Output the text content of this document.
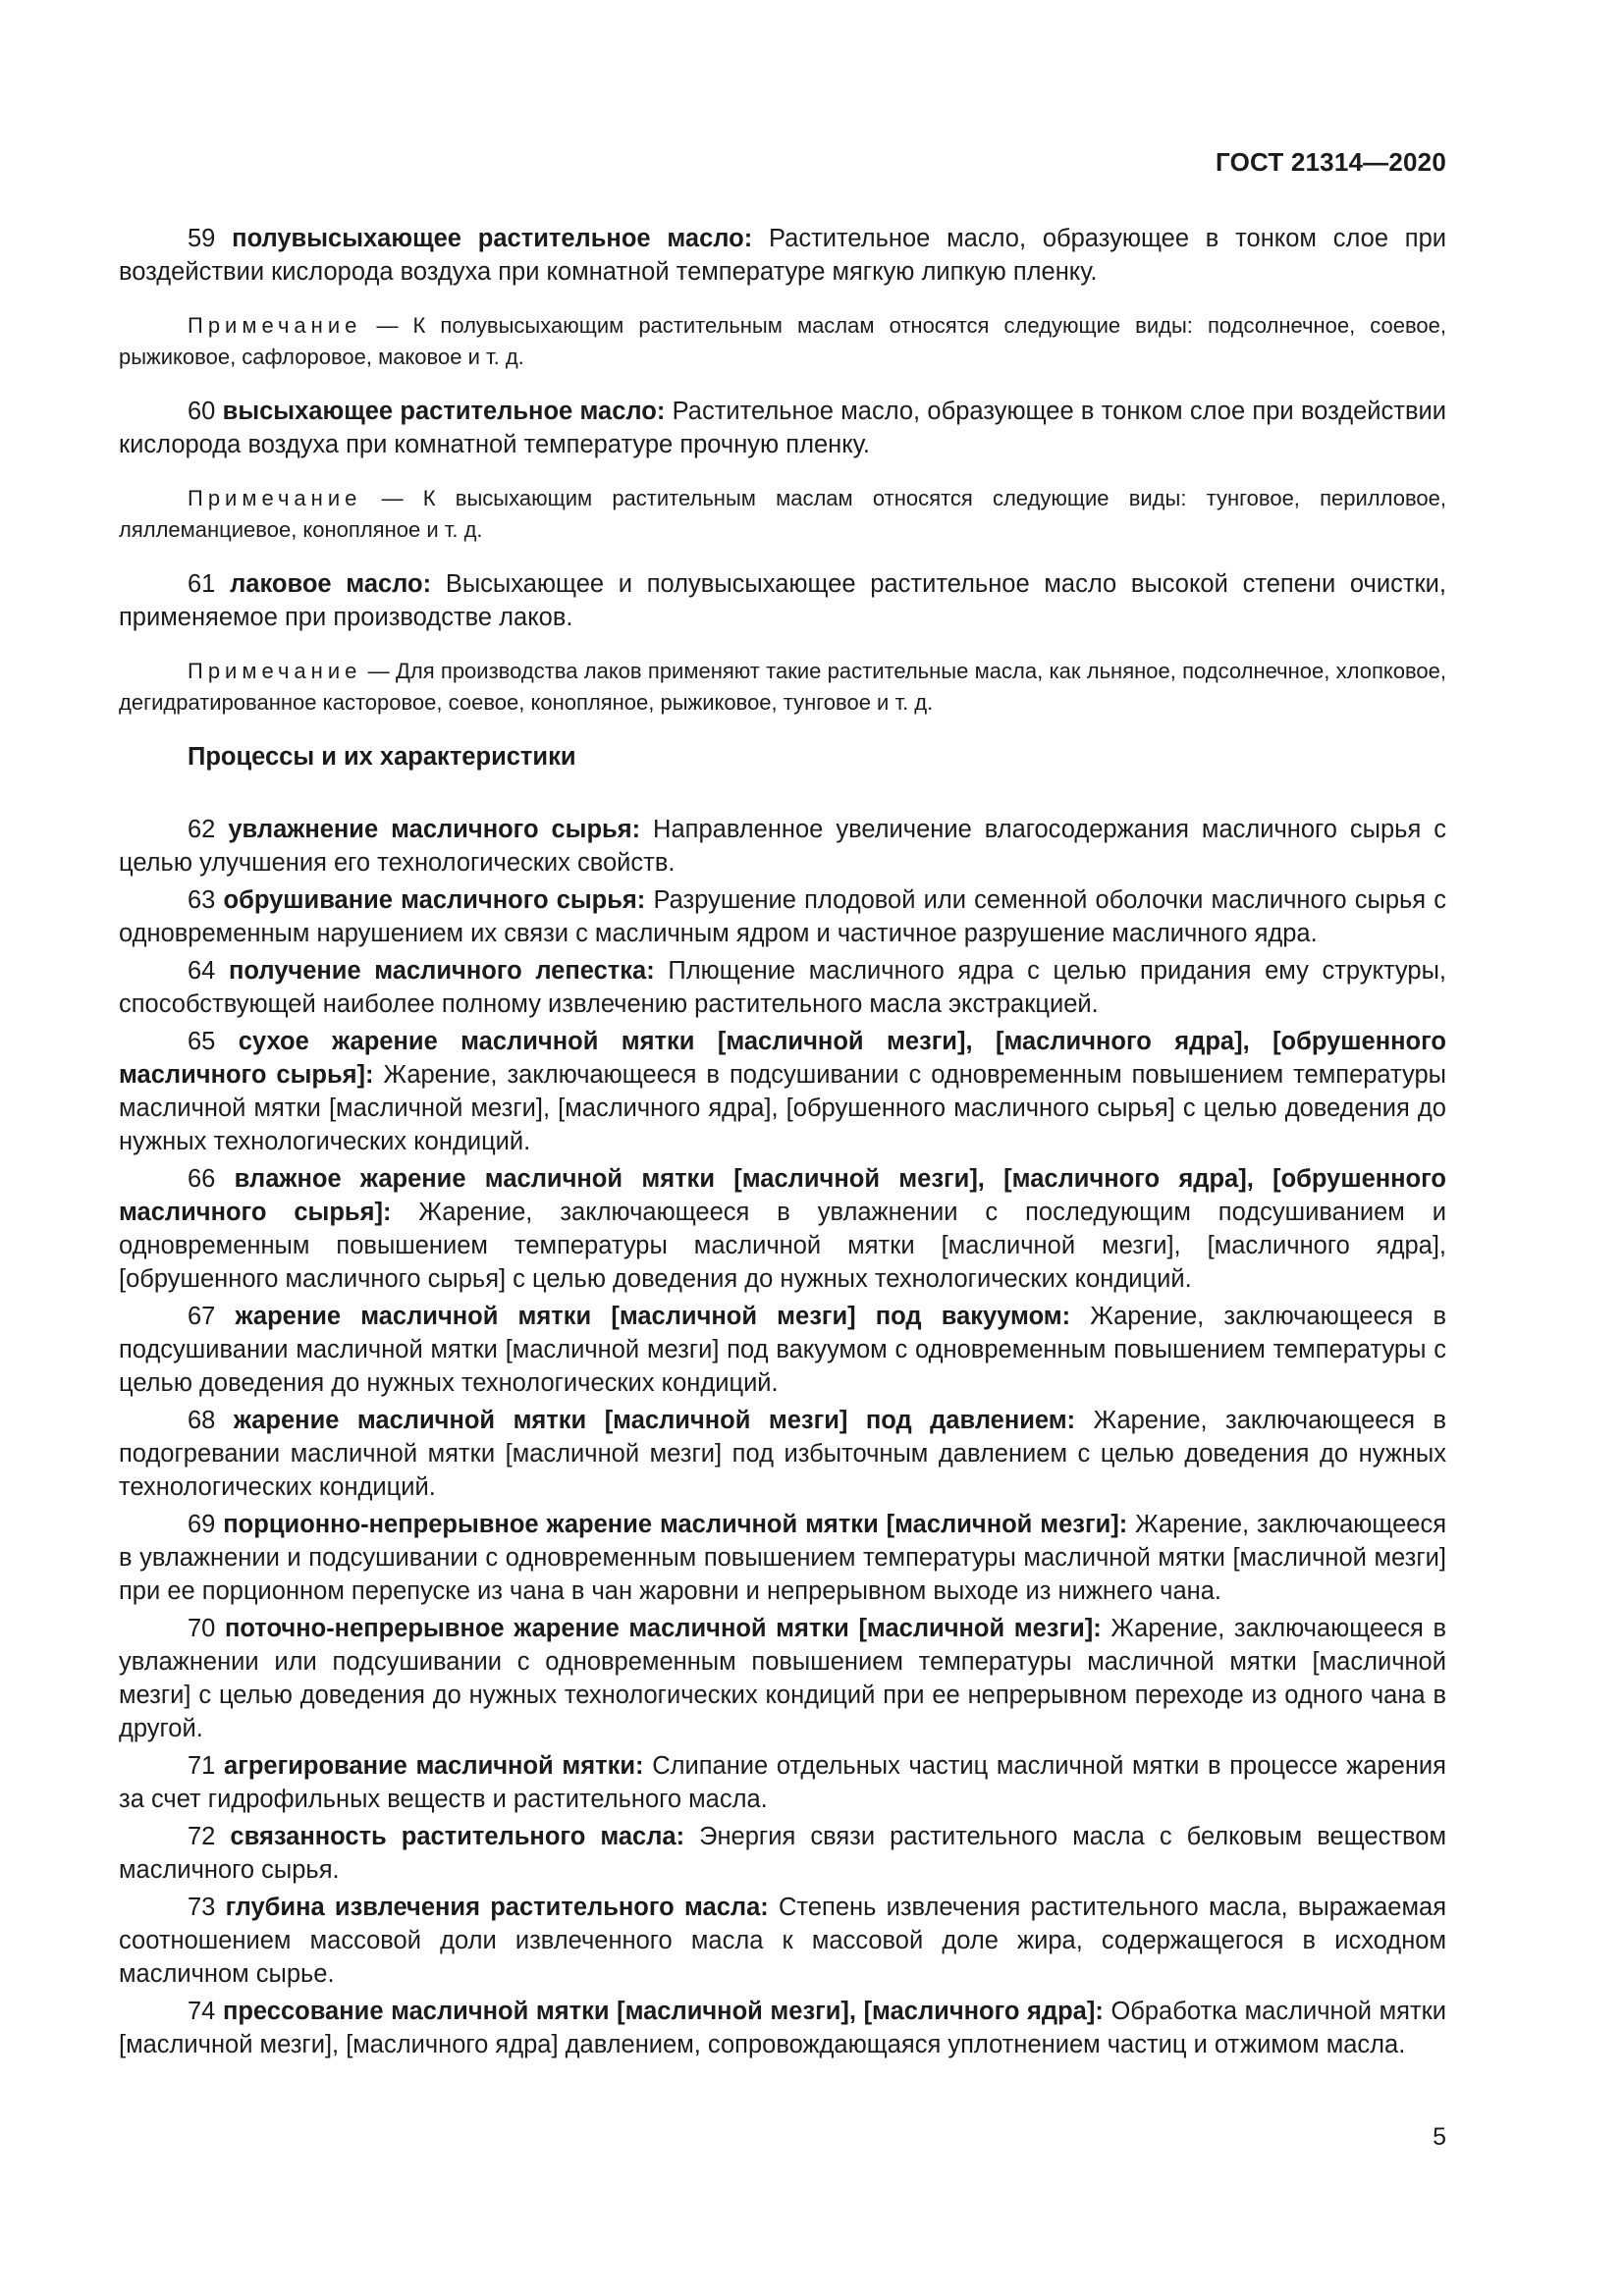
ГОСТ 21314—2020

59 полувысыхающее растительное масло: Растительное масло, образующее в тонком слое при воздействии кислорода воздуха при комнатной температуре мягкую липкую пленку.

Примечание — К полувысыхающим растительным маслам относятся следующие виды: подсолнечное, соевое, рыжиковое, сафлоровое, маковое и т. д.

60 высыхающее растительное масло: Растительное масло, образующее в тонком слое при воздействии кислорода воздуха при комнатной температуре прочную пленку.

Примечание — К высыхающим растительным маслам относятся следующие виды: тунговое, перилловое, ляллеманциевое, конопляное и т. д.

61 лаковое масло: Высыхающее и полувысыхающее растительное масло высокой степени очистки, применяемое при производстве лаков.

Примечание — Для производства лаков применяют такие растительные масла, как льняное, подсолнечное, хлопковое, дегидратированное касторовое, соевое, конопляное, рыжиковое, тунговое и т. д.

Процессы и их характеристики

62 увлажнение масличного сырья: Направленное увеличение влагосодержания масличного сырья с целью улучшения его технологических свойств.

63 обрушивание масличного сырья: Разрушение плодовой или семенной оболочки масличного сырья с одновременным нарушением их связи с масличным ядром и частичное разрушение масличного ядра.

64 получение масличного лепестка: Плющение масличного ядра с целью придания ему структуры, способствующей наиболее полному извлечению растительного масла экстракцией.

65 сухое жарение масличной мятки [масличной мезги], [масличного ядра], [обрушенного масличного сырья]: Жарение, заключающееся в подсушивании с одновременным повышением температуры масличной мятки [масличной мезги], [масличного ядра], [обрушенного масличного сырья] с целью доведения до нужных технологических кондиций.

66 влажное жарение масличной мятки [масличной мезги], [масличного ядра], [обрушенного масличного сырья]: Жарение, заключающееся в увлажнении с последующим подсушиванием и одновременным повышением температуры масличной мятки [масличной мезги], [масличного ядра], [обрушенного масличного сырья] с целью доведения до нужных технологических кондиций.

67 жарение масличной мятки [масличной мезги] под вакуумом: Жарение, заключающееся в подсушивании масличной мятки [масличной мезги] под вакуумом с одновременным повышением температуры с целью доведения до нужных технологических кондиций.

68 жарение масличной мятки [масличной мезги] под давлением: Жарение, заключающееся в подогревании масличной мятки [масличной мезги] под избыточным давлением с целью доведения до нужных технологических кондиций.

69 порционно-непрерывное жарение масличной мятки [масличной мезги]: Жарение, заключающееся в увлажнении и подсушивании с одновременным повышением температуры масличной мятки [масличной мезги] при ее порционном перепуске из чана в чан жаровни и непрерывном выходе из нижнего чана.

70 поточно-непрерывное жарение масличной мятки [масличной мезги]: Жарение, заключающееся в увлажнении или подсушивании с одновременным повышением температуры масличной мятки [масличной мезги] с целью доведения до нужных технологических кондиций при ее непрерывном переходе из одного чана в другой.

71 агрегирование масличной мятки: Слипание отдельных частиц масличной мятки в процессе жарения за счет гидрофильных веществ и растительного масла.

72 связанность растительного масла: Энергия связи растительного масла с белковым веществом масличного сырья.

73 глубина извлечения растительного масла: Степень извлечения растительного масла, выражаемая соотношением массовой доли извлеченного масла к массовой доле жира, содержащегося в исходном масличном сырье.

74 прессование масличной мятки [масличной мезги], [масличного ядра]: Обработка масличной мятки [масличной мезги], [масличного ядра] давлением, сопровождающаяся уплотнением частиц и отжимом масла.

5
